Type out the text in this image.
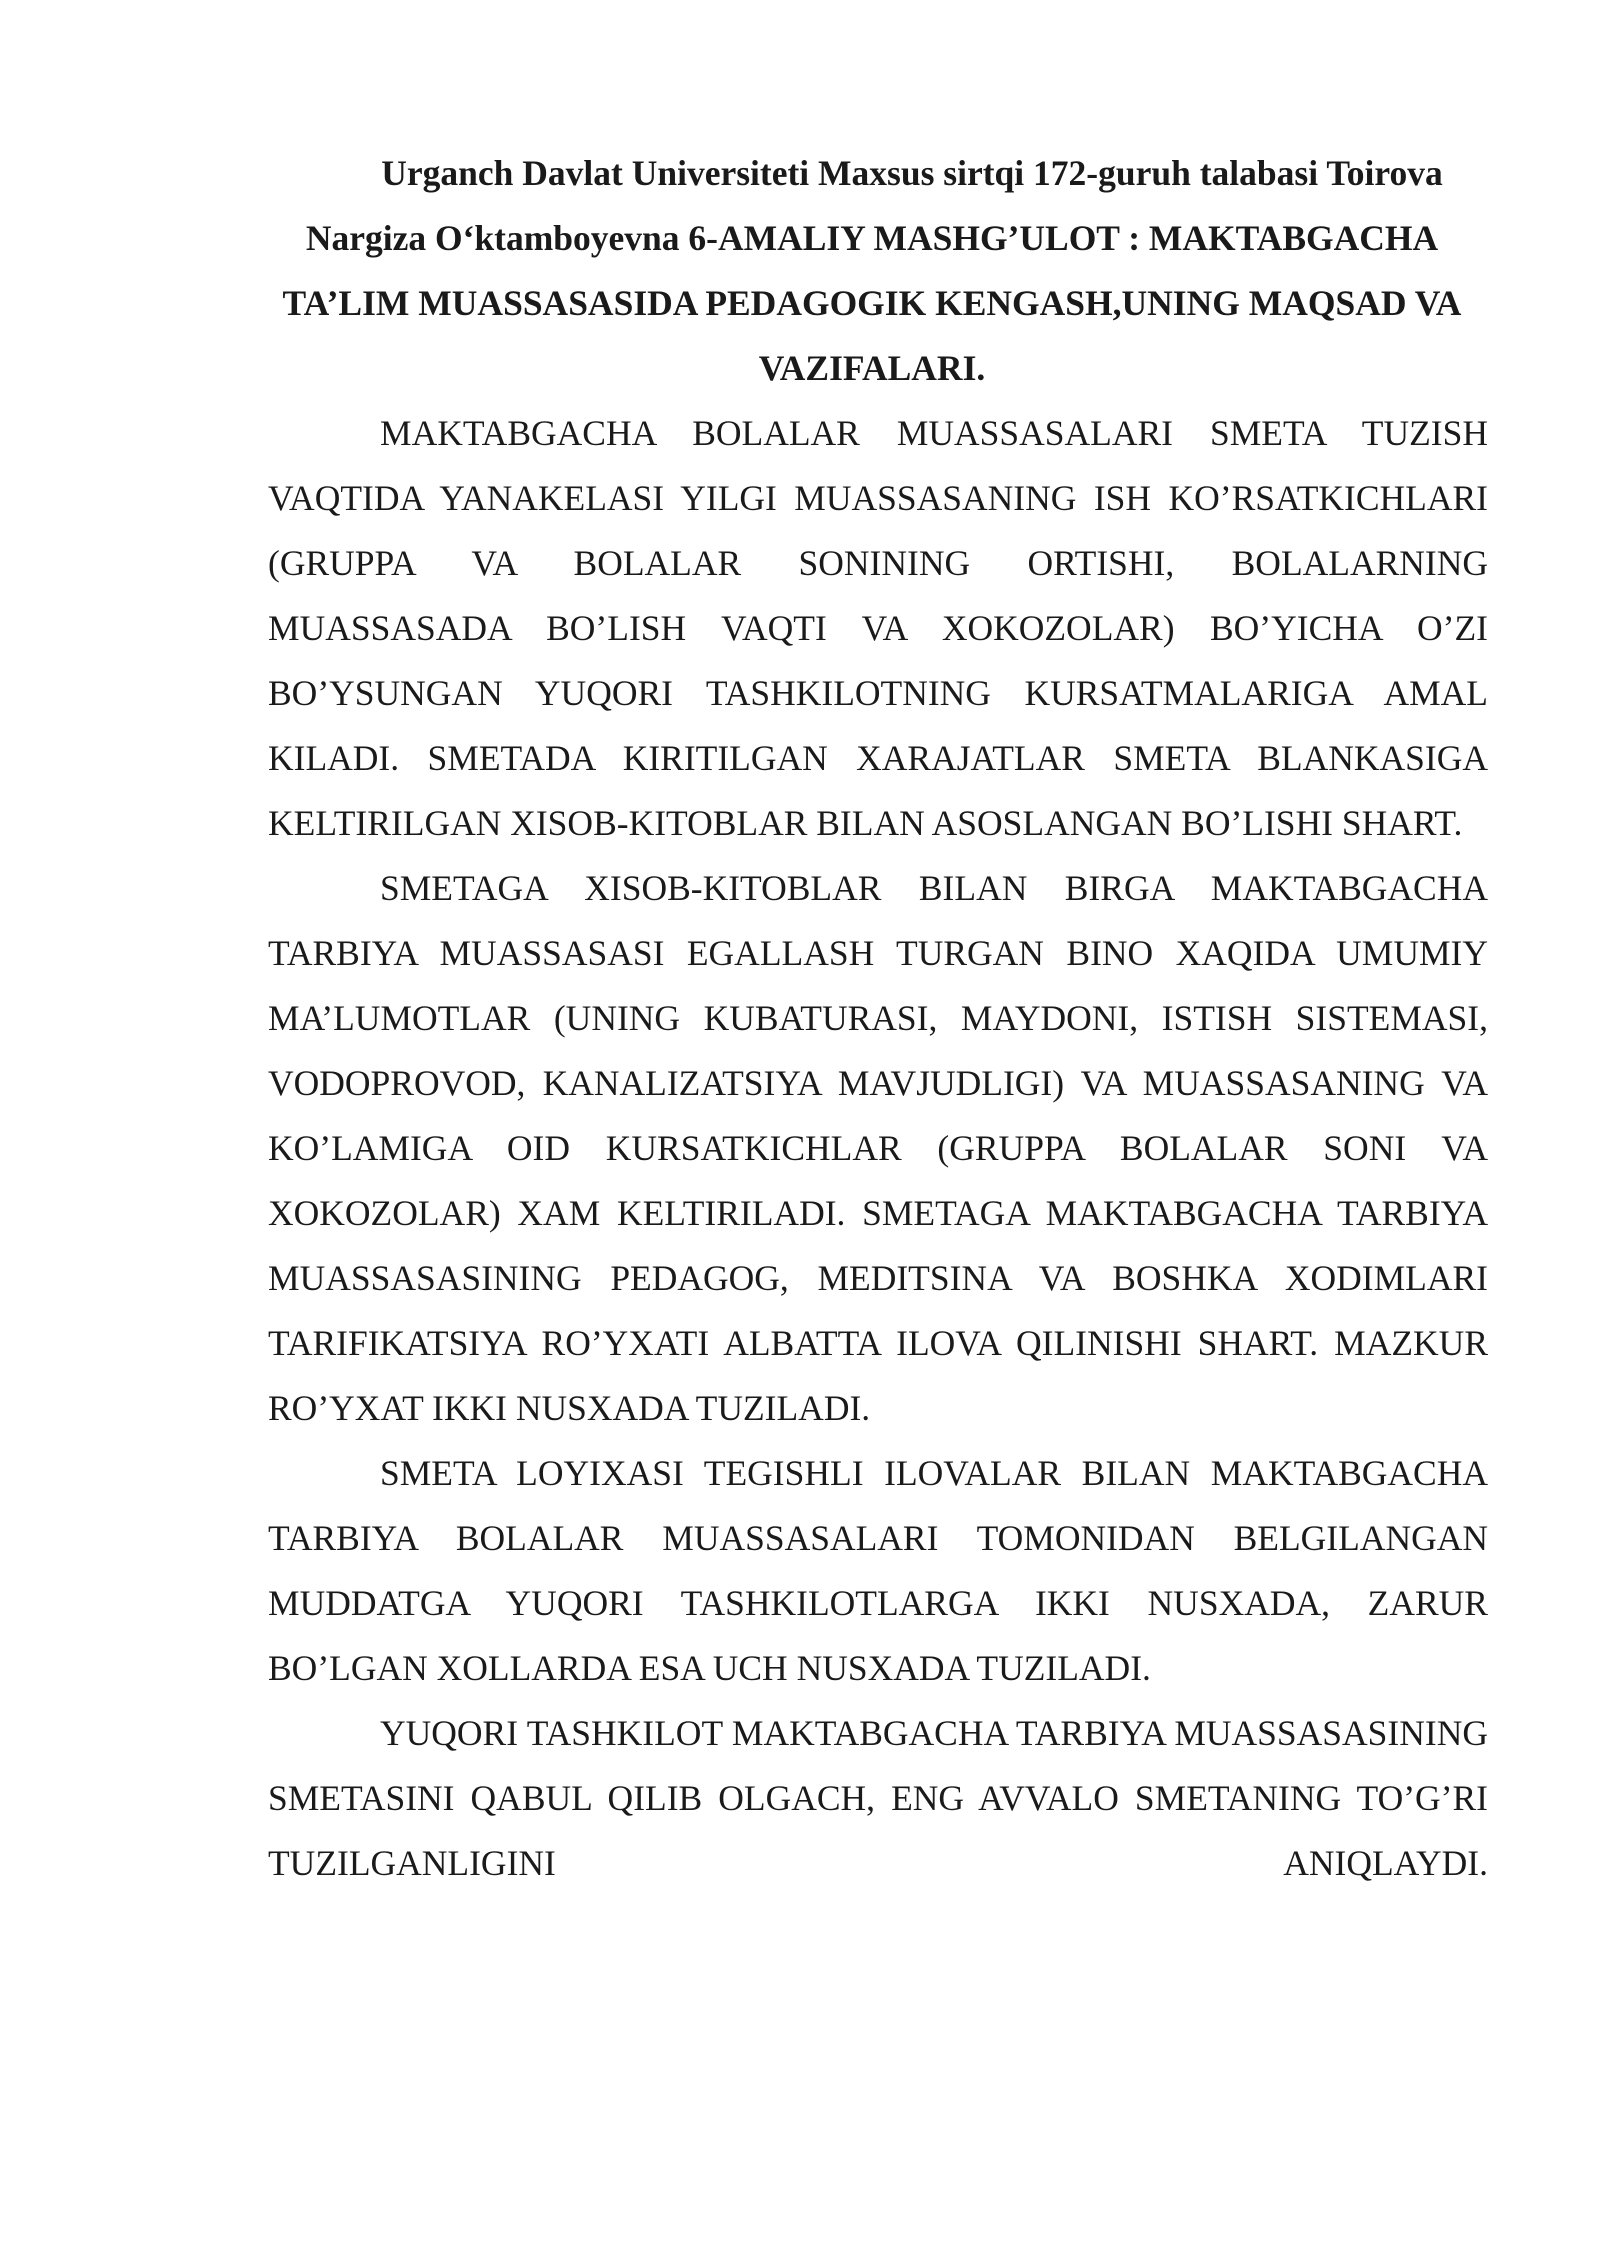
Urganch Davlat Universiteti Maxsus sirtqi 172-guruh talabasi Toirova Nargiza O‘ktamboyevna 6-AMALIY MASHG’ULOT : MAKTABGACHA TA’LIM MUASSASASIDA PEDAGOGIK KENGASH,UNING MAQSAD VA VAZIFALARI.

MAKTABGACHA BOLALAR MUASSASALARI SMETA TUZISH VAQTIDA YANAKELASI YILGI MUASSASANING ISH KO’RSATKICHLARI (GRUPPA VA BOLALAR SONINING ORTISHI, BOLALARNING MUASSASADA BO’LISH VAQTI VA XOKOZOLAR) BO’YICHA O’ZI BO’YSUNGAN YUQORI TASHKILOTNING KURSATMALARIGA AMAL KILADI. SMETADA KIRITILGAN XARAJATLAR SMETA BLANKASIGA KELTIRILGAN XISOB-KITOBLAR BILAN ASOSLANGAN BO’LISHI SHART.

SMETAGA XISOB-KITOBLAR BILAN BIRGA MAKTABGACHA TARBIYA MUASSASASI EGALLASH TURGAN BINO XAQIDA UMUMIY MA’LUMOTLAR (UNING KUBATURASI, MAYDONI, ISTISH SISTEMASI, VODOPROVOD, KANALIZATSIYA MAVJUDLIGI) VA MUASSASANING VA KO’LAMIGA OID KURSATKICHLAR (GRUPPA BOLALAR SONI VA XOKOZOLAR) XAM KELTIRILADI. SMETAGA MAKTABGACHA TARBIYA MUASSASASINING PEDAGOG, MEDITSINA VA BOSHKA XODIMLARI TARIFIKATSIYA RO’YXATI ALBATTA ILOVA QILINISHI SHART. MAZKUR RO’YXAT IKKI NUSXADA TUZILADI.

SMETA LOYIXASI TEGISHLI ILOVALAR BILAN MAKTABGACHA TARBIYA BOLALAR MUASSASALARI TOMONIDAN BELGILANGAN MUDDATGA YUQORI TASHKILOTLARGA IKKI NUSXADA, ZARUR BO’LGAN XOLLARDA ESA UCH NUSXADA TUZILADI.

YUQORI TASHKILOT MAKTABGACHA TARBIYA MUASSASASINING SMETASINI QABUL QILIB OLGACH, ENG AVVALO SMETANING TO’G’RI TUZILGANLIGINI ANIQLAYDI.
